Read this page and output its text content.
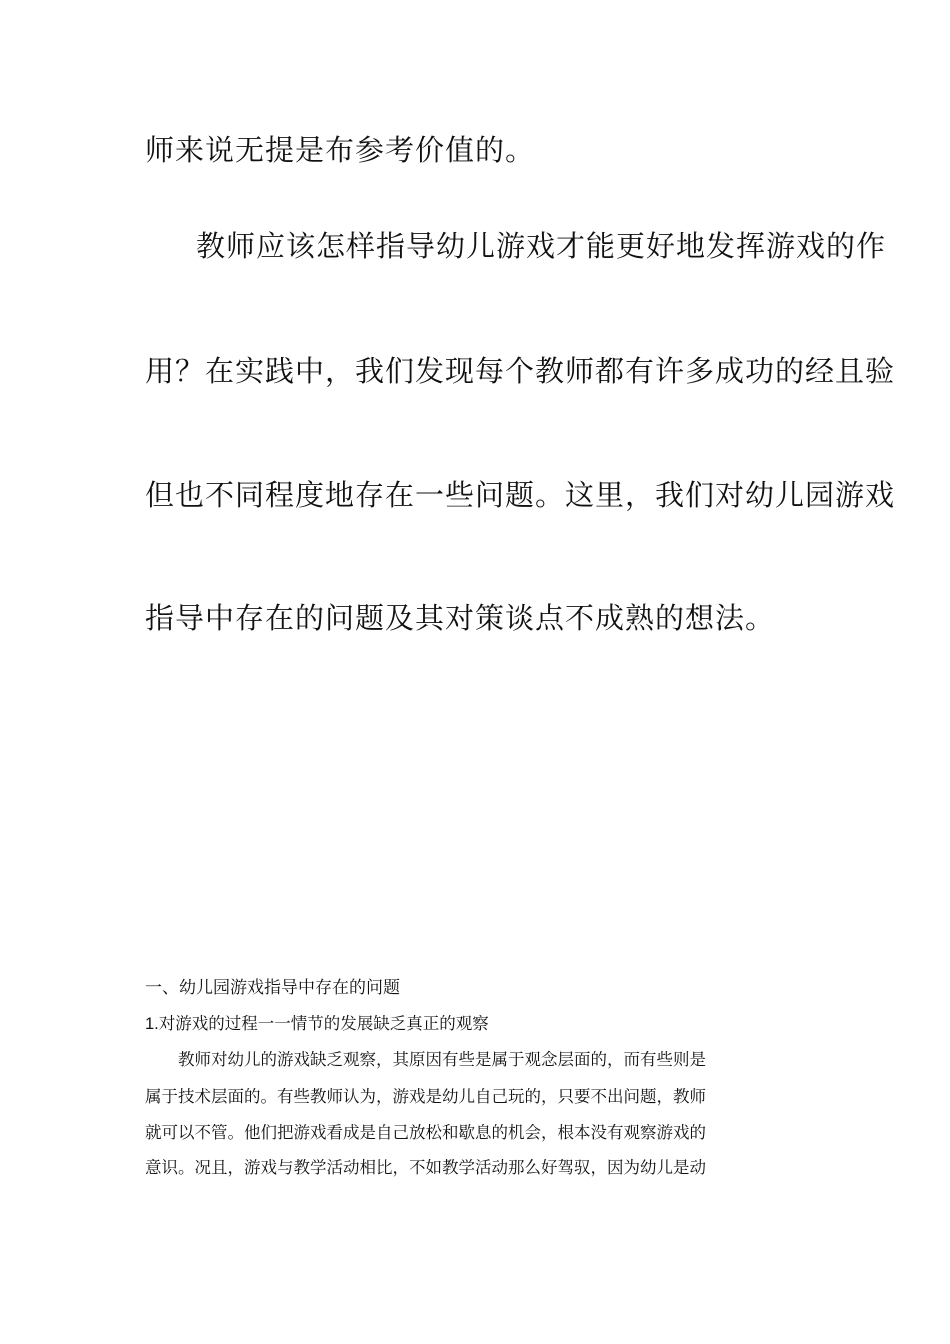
师来说无提是布参考价值的。
教师应该怎样指导幼儿游戏才能更好地发挥游戏的作
用？在实践中，我们发现每个教师都有许多成功的经且验
但也不同程度地存在一些问题。这里，我们对幼儿园游戏
指导中存在的问题及其对策谈点不成熟的想法。
一、幼儿园游戏指导中存在的问题
1.对游戏的过程一一情节的发展缺乏真正的观察
教师对幼儿的游戏缺乏观察，其原因有些是属于观念层面的，而有些则是
属于技术层面的。有些教师认为，游戏是幼儿自己玩的，只要不出问题，教师
就可以不管。他们把游戏看成是自己放松和歇息的机会，根本没有观察游戏的
意识。况且，游戏与教学活动相比，不如教学活动那么好驾驭，因为幼儿是动
